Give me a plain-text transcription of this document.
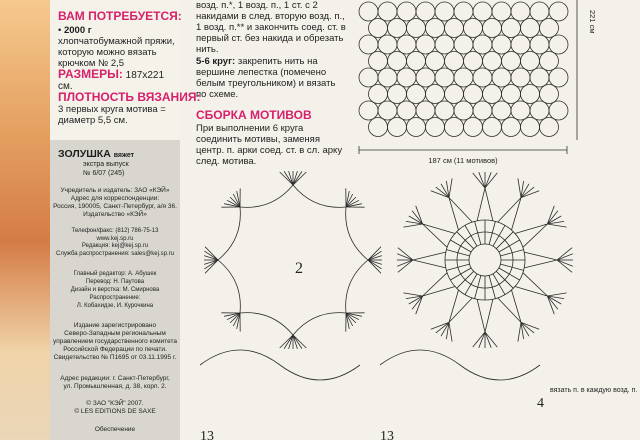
ВАМ ПОТРЕБУЕТСЯ:

• 2000 г хлопчатобумажной пряжи, которую можно вязать крючком № 2,5

РАЗМЕРЫ: 187х221 см.

ПЛОТНОСТЬ ВЯЗАНИЯ:

3 первых круга мотива = диаметр 5,5 см.

ЗОЛУШКА вяжет
экстра выпуск
№ 6/07 (245)
Учредитель и издатель: ЗАО «КЭЙ»
Адрес для корреспонденции:
Россия, 190005, Санкт-Петербург, а/я 36.
Издательство «КЭЙ»
Телефон/факс: (812) 786-75-13
www.kej.sp.ru
Редакция: kej@kej.sp.ru
Служба распространения: sales@kej.sp.ru
Главный редактор: А. Абушек
Перевод: Н. Паутова
Дизайн и верстка: М. Смирнова
Распространение:
Л. Кобахидзе, И. Курочкина
Издание зарегистрировано
Северо-Западным региональным
управлением государственного комитета
Российской Федерации по печати.
Свидетельство № П1695 от 03.11.1995 г.
Адрес редакции: г. Санкт-Петербург,
ул. Промышленная, д. 38, корп. 2.
© ЗАО "КЭЙ" 2007.
© LES EDITIONS DE SAXE
Обеспечение

возд. п.*, 1 возд. п., 1 ст. с 2 накидами в след. вторую возд. п., 1 возд. п.** и закончить соед. ст. в первый ст. без накида и обрезать нить.

5-6 круг: закрепить нить на вершине лепестка (помечено белым треугольником) и вязать по схеме.

СБОРКА МОТИВОВ

При выполнении 6 круга соединить мотивы, заменяя центр. п. арки соед. ст. в сл. арку след. мотива.	187 см (11 мотивов)
221 см
2
13	13
4
вязать п. в каждую возд. п.
